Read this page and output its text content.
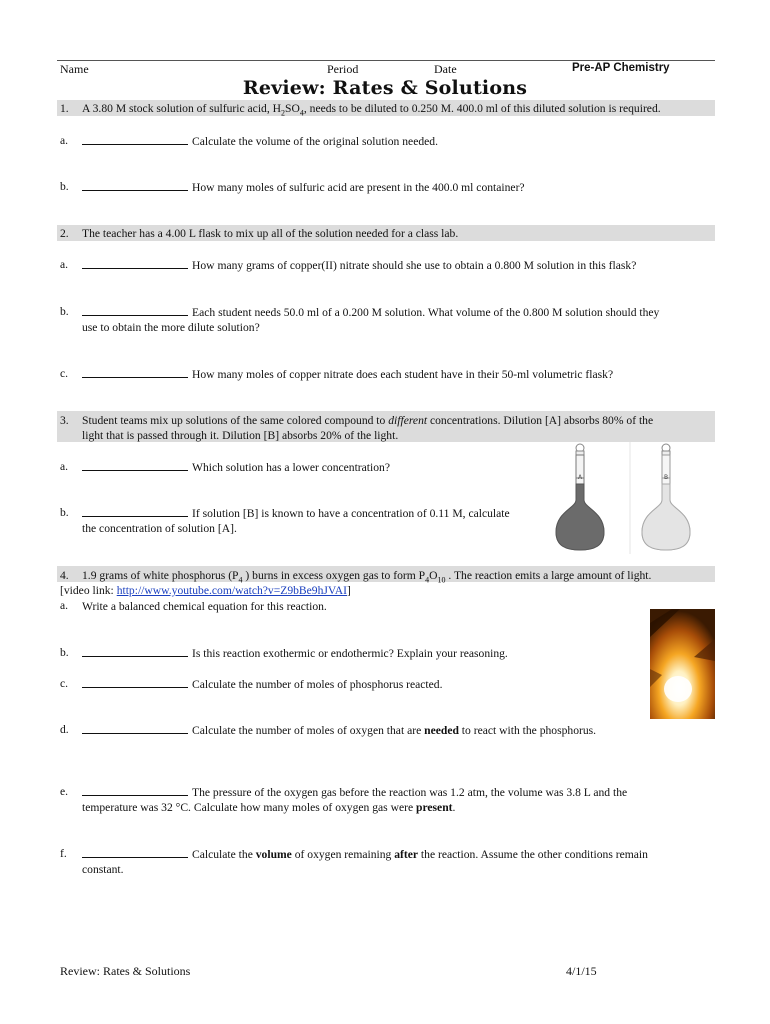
Name	Period	Date	Pre-AP Chemistry
Review: Rates & Solutions
1. A 3.80 M stock solution of sulfuric acid, $H_2SO_4$, needs to be diluted to 0.250 M. 400.0 ml of this diluted solution is required.
a.	Calculate the volume of the original solution needed.
b.	How many moles of sulfuric acid are present in the 400.0 ml container?
2. The teacher has a 4.00 L flask to mix up all of the solution needed for a class lab.
a.	How many grams of copper(II) nitrate should she use to obtain a 0.800 M solution in this flask?
b.	Each student needs 50.0 ml of a 0.200 M solution. What volume of the 0.800 M solution should they
use to obtain the more dilute solution?
c.	How many moles of copper nitrate does each student have in their 50-ml volumetric flask?
3. Student teams mix up solutions of the same colored compound to different concentrations. Dilution [A] absorbs 80% of the
light that is passed through it. Dilution [B] absorbs 20% of the light.
a.	Which solution has a lower concentration?
b.	If solution [B] is known to have a concentration of 0.11 M, calculate
the concentration of solution [A].
A	B
4. 1.9 grams of white phosphorus ($P_4$ ) burns in excess oxygen gas to form $P_4O_{10}$ . The reaction emits a large amount of light.
[video link: http://www.youtube.com/watch?v=Z9bBe9hJVAI]
a. Write a balanced chemical equation for this reaction.
b.	Is this reaction exothermic or endothermic? Explain your reasoning.
c.	Calculate the number of moles of phosphorus reacted.
d.	Calculate the number of moles of oxygen that are needed to react with the phosphorus.
e.	The pressure of the oxygen gas before the reaction was 1.2 atm, the volume was 3.8 L and the
temperature was 32 °C. Calculate how many moles of oxygen gas were present.
f.	Calculate the volume of oxygen remaining after the reaction. Assume the other conditions remain
constant.
Review: Rates & Solutions	4/1/15
